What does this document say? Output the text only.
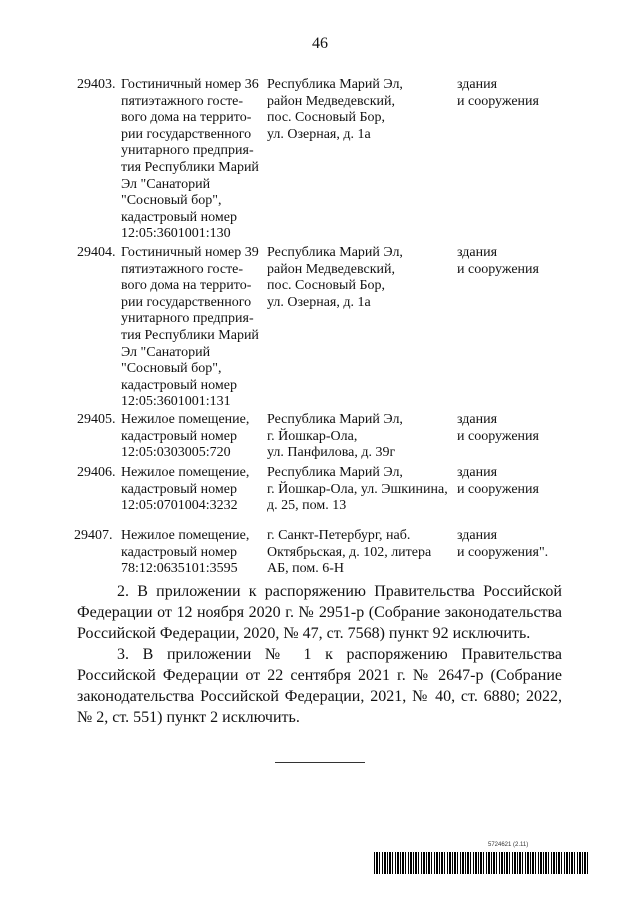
46
29403. Гостиничный номер 36
пятиэтажного госте-
вого дома на террито-
рии государственного
унитарного предприя-
тия Республики Марий
Эл "Санаторий
"Сосновый бор",
кадастровый номер
12:05:3601001:130
Республика Марий Эл,
район Медведевский,
пос. Сосновый Бор,
ул. Озерная, д. 1а
здания
и сооружения
29404. Гостиничный номер 39
пятиэтажного госте-
вого дома на террито-
рии государственного
унитарного предприя-
тия Республики Марий
Эл "Санаторий
"Сосновый бор",
кадастровый номер
12:05:3601001:131
Республика Марий Эл,
район Медведевский,
пос. Сосновый Бор,
ул. Озерная, д. 1а
здания
и сооружения
29405. Нежилое помещение,
кадастровый номер
12:05:0303005:720
Республика Марий Эл,
г. Йошкар-Ола,
ул. Панфилова, д. 39г
здания
и сооружения
29406. Нежилое помещение,
кадастровый номер
12:05:0701004:3232
Республика Марий Эл,
г. Йошкар-Ола, ул. Эшкинина,
д. 25, пом. 13
здания
и сооружения
29407. Нежилое помещение,
кадастровый номер
78:12:0635101:3595
г. Санкт-Петербург, наб.
Октябрьская, д. 102, литера
АБ, пом. 6-Н
здания
и сооружения".
2. В приложении к распоряжению Правительства Российской Федерации от 12 ноября 2020 г. № 2951-р (Собрание законодательства Российской Федерации, 2020, № 47, ст. 7568) пункт 92 исключить.
3. В приложении № 1 к распоряжению Правительства Российской Федерации от 22 сентября 2021 г. № 2647-р (Собрание законодательства Российской Федерации, 2021, № 40, ст. 6880; 2022, № 2, ст. 551) пункт 2 исключить.
5724621 (2.11)
